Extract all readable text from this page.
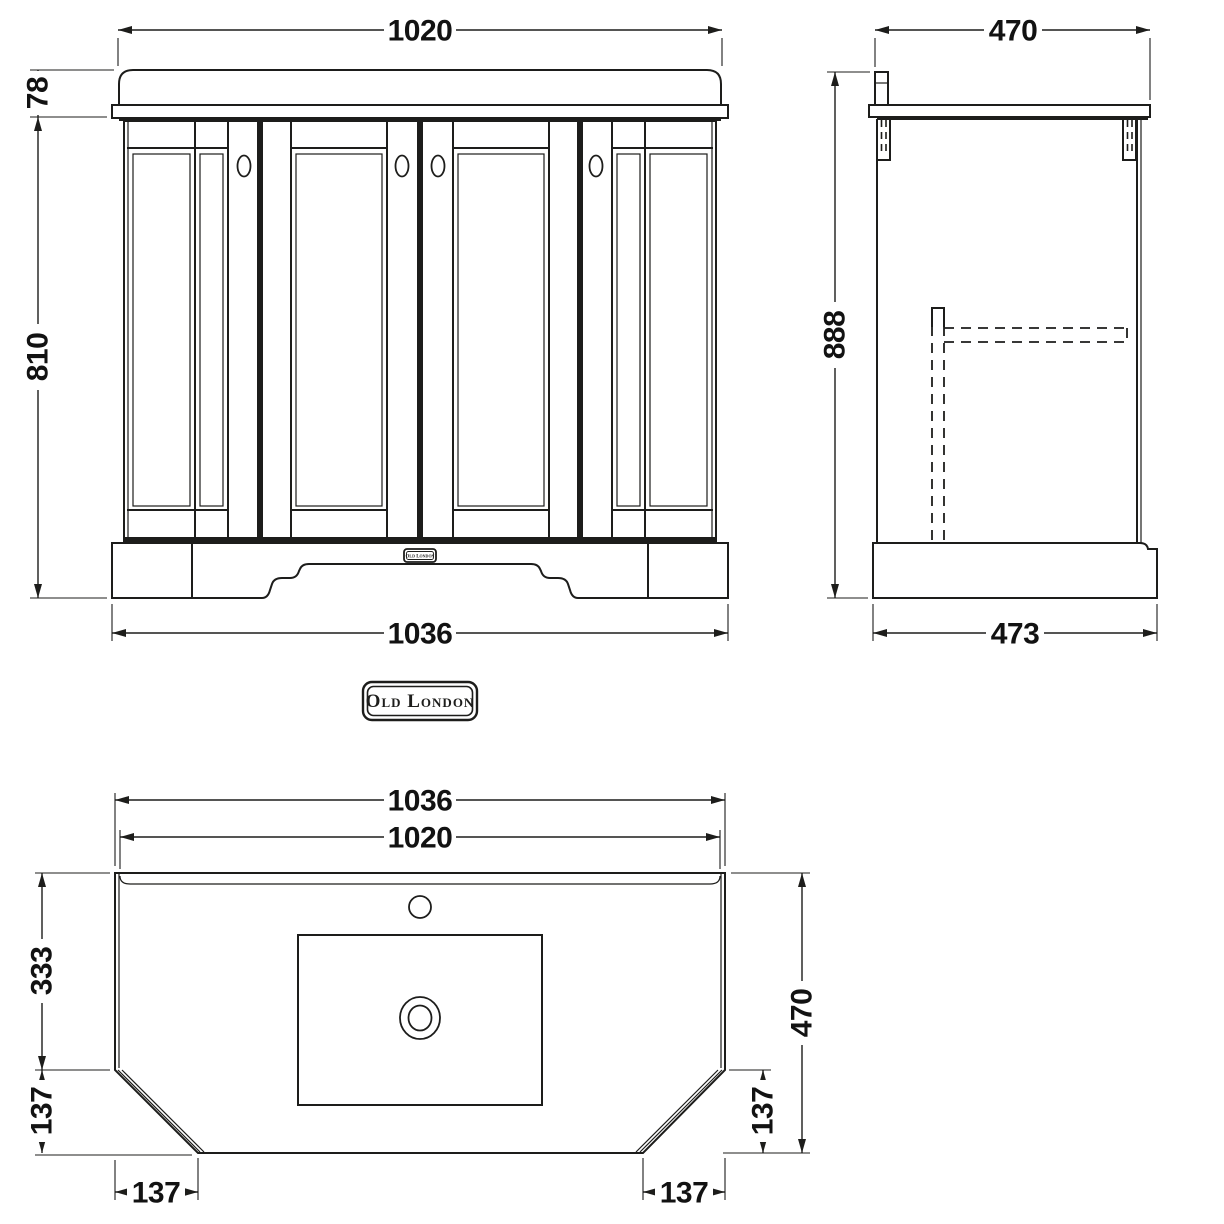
Old London
Old London
1020
78
810
1036
470
888
473
1036
1020
333
137
470
137
137	137
